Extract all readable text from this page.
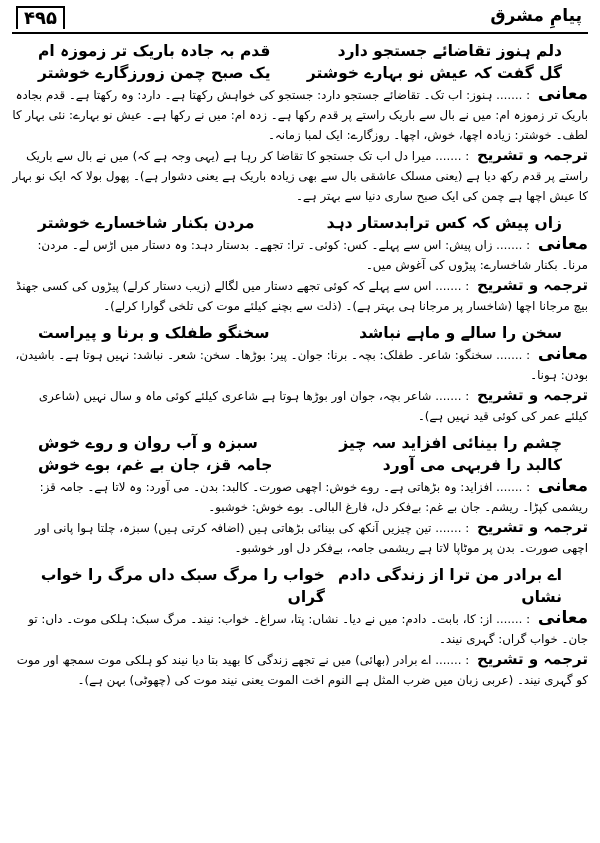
۴۹۵	پیامِ مشرق
دلم ہنوز تقاضائے جستجو دارد
قدم بہ جادہ باریک تر زموزہ ام
گل گفت کہ عیش نو بہارے خوشتر
یک صبح چمن زورزگارے خوشتر

معانی : ....... ہنوز: اب تک۔ تقاضائے جستجو دارد: جستجو کی خواہش رکھتا ہے۔ دارد: وہ رکھتا ہے۔ قدم بجادہ باریک تر زموزہ ام: میں نے بال سے باریک راستے پر قدم رکھا ہے۔ زدہ ام: میں نے رکھا ہے۔ عیش نو بہارے: نئی بہار کا لطف۔ خوشتر: زیادہ اچھا، خوش، اچھا۔ روزگارے: ایک لمبا زمانہ۔

ترجمہ و تشریح : ....... میرا دل اب تک جستجو کا تقاضا کر رہا ہے (یہی وجہ ہے کہ) میں نے بال سے باریک راستے پر قدم رکھ دیا ہے (یعنی مسلک عاشقی بال سے بھی زیادہ باریک ہے یعنی دشوار ہے)۔ پھول بولا کہ ایک نو بہار کا عیش اچھا ہے چمن کی ایک صبح ساری دنیا سے بہتر ہے۔

زاں پیش کہ کس ترابدستار دہد
مردن بکنار شاخسارے خوشتر

معانی : ....... زاں پیش: اس سے پہلے۔ کس: کوئی۔ ترا: تجھے۔ بدستار دہد: وہ دستار میں اڑس لے۔ مردن: مرنا۔ بکنار شاخسارے: پیڑوں کی آغوش میں۔

ترجمہ و تشریح : ....... اس سے پہلے کہ کوئی تجھے دستار میں لگالے (زیب دستار کرلے) پیڑوں کی کسی جھنڈ بیچ مرجانا اچھا (شاخسار پر مرجانا ہی بہتر ہے)۔ (ذلت سے بچنے کیلئے موت کی تلخی گوارا کرلے)۔

سخن را سالے و ماہے نباشد
سخنگو طفلک و برنا و پیراست

معانی : ....... سخنگو: شاعر۔ طفلک: بچہ۔ برنا: جوان۔ پیر: بوڑھا۔ سخن: شعر۔ نباشد: نہیں ہوتا ہے۔ باشیدن، بودن: ہونا۔

ترجمہ و تشریح : ....... شاعر بچہ، جوان اور بوڑھا ہوتا ہے شاعری کیلئے کوئی ماہ و سال نہیں (شاعری کیلئے عمر کی کوئی قید نہیں ہے)۔

چشم را بینائی افزاید سہ چیز
سبزہ و آب روان و روے خوش
کالبد را فربہی می آورد
جامہ قز، جان بے غم، بوے خوش

معانی : ....... افزاید: وہ بڑھاتی ہے۔ روے خوش: اچھی صورت۔ کالبد: بدن۔ می آورد: وہ لاتا ہے۔ جامہ قز: ریشمی کپڑا۔ ریشم۔ جان بے غم: بےفکر دل، فارغ البالی۔ بوے خوش: خوشبو۔

ترجمہ و تشریح : ....... تین چیزیں آنکھ کی بینائی بڑھاتی ہیں (اضافہ کرتی ہیں) سبزہ، چلتا ہوا پانی اور اچھی صورت۔ بدن پر موٹاپا لاتا ہے ریشمی جامہ، بےفکر دل اور خوشبو۔

اے برادر من ترا از زندگی دادم نشاں
خواب را مرگ سبک داں مرگ را خواب گراں

معانی : ....... از: کا، بابت۔ دادم: میں نے دیا۔ نشاں: پتا، سراغ۔ خواب: نیند۔ مرگ سبک: ہلکی موت۔ داں: تو جان۔ خواب گراں: گہری نیند۔

ترجمہ و تشریح : ....... اے برادر (بھائی) میں نے تجھے زندگی کا بھید بتا دیا نیند کو ہلکی موت سمجھ اور موت کو گہری نیند۔ (عربی زبان میں ضرب المثل ہے النوم اخت الموت یعنی نیند موت کی (چھوٹی) بہن ہے)۔
